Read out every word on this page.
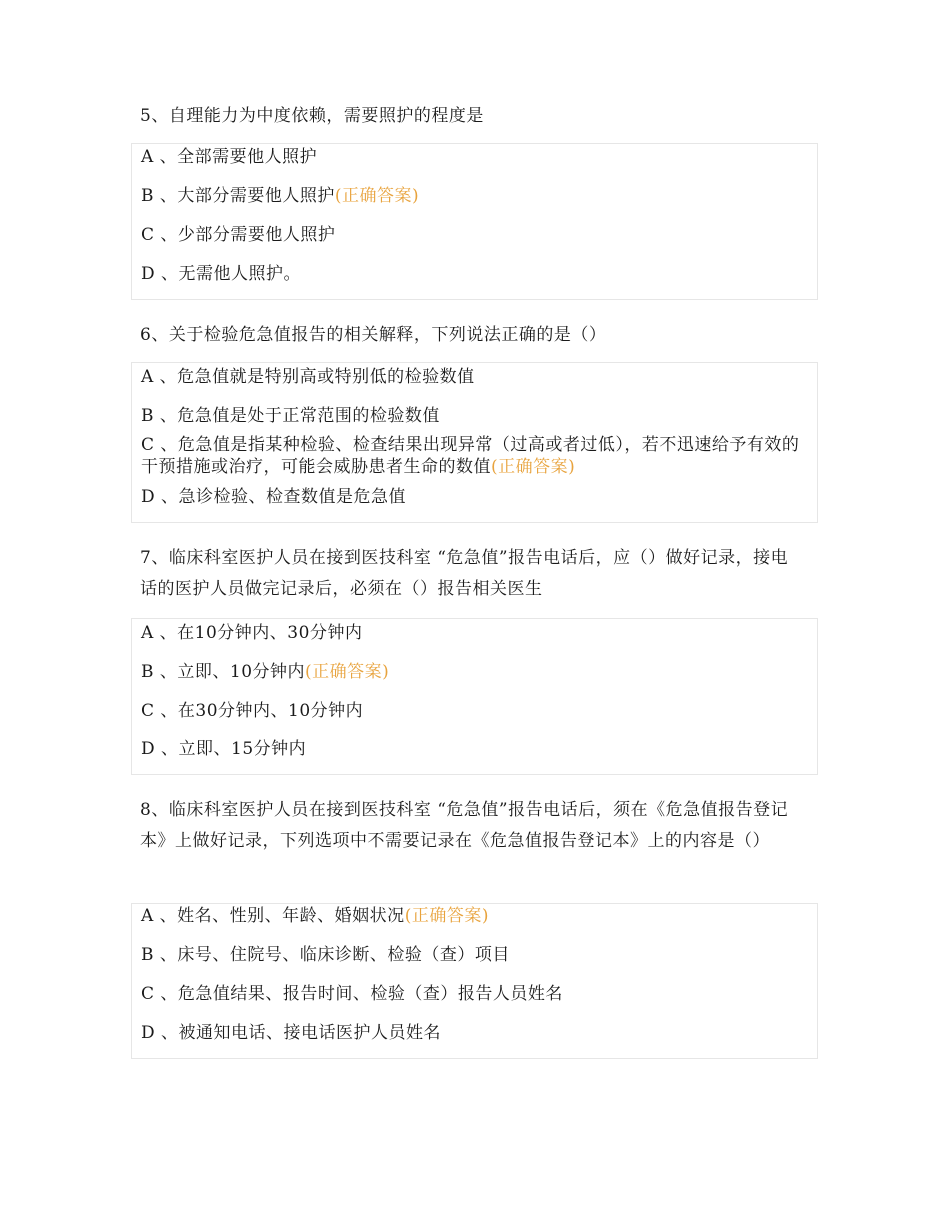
5、自理能力为中度依赖，需要照护的程度是
A 、全部需要他人照护
B 、大部分需要他人照护(正确答案)
C 、少部分需要他人照护
D 、无需他人照护。
6、关于检验危急值报告的相关解释，下列说法正确的是（）
A 、危急值就是特别高或特别低的检验数值
B 、危急值是处于正常范围的检验数值
C 、危急值是指某种检验、检查结果出现异常（过高或者过低），若不迅速给予有效的干预措施或治疗，可能会威胁患者生命的数值(正确答案)
D 、急诊检验、检查数值是危急值
7、临床科室医护人员在接到医技科室 “危急值”报告电话后，应（）做好记录，接电话的医护人员做完记录后，必须在（）报告相关医生
A 、在10分钟内、30分钟内
B 、立即、10分钟内(正确答案)
C 、在30分钟内、10分钟内
D 、立即、15分钟内
8、临床科室医护人员在接到医技科室 “危急值”报告电话后，须在《危急值报告登记本》上做好记录，下列选项中不需要记录在《危急值报告登记本》上的内容是（）
A 、姓名、性别、年龄、婚姻状况(正确答案)
B 、床号、住院号、临床诊断、检验（查）项目
C 、危急值结果、报告时间、检验（查）报告人员姓名
D 、被通知电话、接电话医护人员姓名
